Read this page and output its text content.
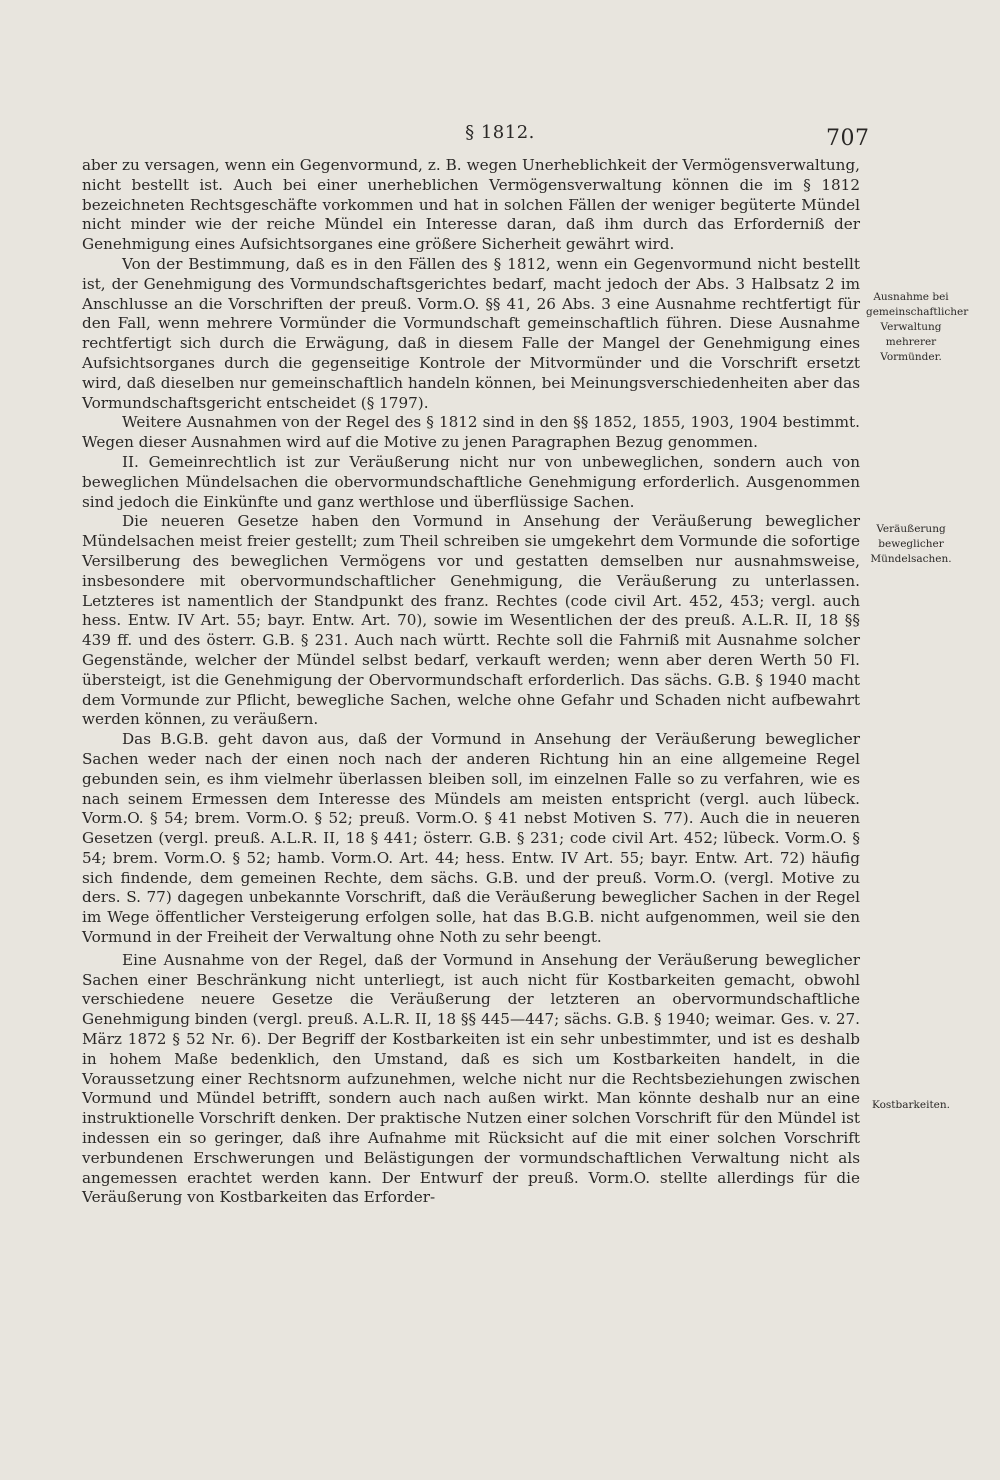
§ 1812.	707

aber zu versagen, wenn ein Gegenvormund, z. B. wegen Unerheblichkeit der Vermögensverwaltung, nicht bestellt ist. Auch bei einer unerheblichen Vermögensverwaltung können die im § 1812 bezeichneten Rechtsgeschäfte vorkommen und hat in solchen Fällen der weniger begüterte Mündel nicht minder wie der reiche Mündel ein Interesse daran, daß ihm durch das Erforderniß der Genehmigung eines Aufsichtsorganes eine größere Sicherheit gewährt wird.

Von der Bestimmung, daß es in den Fällen des § 1812, wenn ein Gegenvormund nicht bestellt ist, der Genehmigung des Vormundschaftsgerichtes bedarf, macht jedoch der Abs. 3 Halbsatz 2 im Anschlusse an die Vorschriften der preuß. Vorm.O. §§ 41, 26 Abs. 3 eine Ausnahme rechtfertigt für den Fall, wenn mehrere Vormünder die Vormundschaft gemeinschaftlich führen. Diese Ausnahme rechtfertigt sich durch die Erwägung, daß in diesem Falle der Mangel der Genehmigung eines Aufsichtsorganes durch die gegenseitige Kontrole der Mitvormünder und die Vorschrift ersetzt wird, daß dieselben nur gemeinschaftlich handeln können, bei Meinungsverschiedenheiten aber das Vormundschaftsgericht entscheidet (§ 1797).

Weitere Ausnahmen von der Regel des § 1812 sind in den §§ 1852, 1855, 1903, 1904 bestimmt. Wegen dieser Ausnahmen wird auf die Motive zu jenen Paragraphen Bezug genommen.

II. Gemeinrechtlich ist zur Veräußerung nicht nur von unbeweglichen, sondern auch von beweglichen Mündelsachen die obervormundschaftliche Genehmigung erforderlich. Ausgenommen sind jedoch die Einkünfte und ganz werthlose und überflüssige Sachen.

Die neueren Gesetze haben den Vormund in Ansehung der Veräußerung beweglicher Mündelsachen meist freier gestellt; zum Theil schreiben sie umgekehrt dem Vormunde die sofortige Versilberung des beweglichen Vermögens vor und gestatten demselben nur ausnahmsweise, insbesondere mit obervormundschaftlicher Genehmigung, die Veräußerung zu unterlassen. Letzteres ist namentlich der Standpunkt des franz. Rechtes (code civil Art. 452, 453; vergl. auch hess. Entw. IV Art. 55; bayr. Entw. Art. 70), sowie im Wesentlichen der des preuß. A.L.R. II, 18 §§ 439 ff. und des österr. G.B. § 231. Auch nach württ. Rechte soll die Fahrniß mit Ausnahme solcher Gegenstände, welcher der Mündel selbst bedarf, verkauft werden; wenn aber deren Werth 50 Fl. übersteigt, ist die Genehmigung der Obervormundschaft erforderlich. Das sächs. G.B. § 1940 macht dem Vormunde zur Pflicht, bewegliche Sachen, welche ohne Gefahr und Schaden nicht aufbewahrt werden können, zu veräußern.

Das B.G.B. geht davon aus, daß der Vormund in Ansehung der Veräußerung beweglicher Sachen weder nach der einen noch nach der anderen Richtung hin an eine allgemeine Regel gebunden sein, es ihm vielmehr überlassen bleiben soll, im einzelnen Falle so zu verfahren, wie es nach seinem Ermessen dem Interesse des Mündels am meisten entspricht (vergl. auch lübeck. Vorm.O. § 54; brem. Vorm.O. § 52; preuß. Vorm.O. § 41 nebst Motiven S. 77). Auch die in neueren Gesetzen (vergl. preuß. A.L.R. II, 18 § 441; österr. G.B. § 231; code civil Art. 452; lübeck. Vorm.O. § 54; brem. Vorm.O. § 52; hamb. Vorm.O. Art. 44; hess. Entw. IV Art. 55; bayr. Entw. Art. 72) häufig sich findende, dem gemeinen Rechte, dem sächs. G.B. und der preuß. Vorm.O. (vergl. Motive zu ders. S. 77) dagegen unbekannte Vorschrift, daß die Veräußerung beweglicher Sachen in der Regel im Wege öffentlicher Versteigerung erfolgen solle, hat das B.G.B. nicht aufgenommen, weil sie den Vormund in der Freiheit der Verwaltung ohne Noth zu sehr beengt.

Eine Ausnahme von der Regel, daß der Vormund in Ansehung der Veräußerung beweglicher Sachen einer Beschränkung nicht unterliegt, ist auch nicht für Kostbarkeiten gemacht, obwohl verschiedene neuere Gesetze die Veräußerung der letzteren an obervormundschaftliche Genehmigung binden (vergl. preuß. A.L.R. II, 18 §§ 445—447; sächs. G.B. § 1940; weimar. Ges. v. 27. März 1872 § 52 Nr. 6). Der Begriff der Kostbarkeiten ist ein sehr unbestimmter, und ist es deshalb in hohem Maße bedenklich, den Umstand, daß es sich um Kostbarkeiten handelt, in die Voraussetzung einer Rechtsnorm aufzunehmen, welche nicht nur die Rechtsbeziehungen zwischen Vormund und Mündel betrifft, sondern auch nach außen wirkt. Man könnte deshalb nur an eine instruktionelle Vorschrift denken. Der praktische Nutzen einer solchen Vorschrift für den Mündel ist indessen ein so geringer, daß ihre Aufnahme mit Rücksicht auf die mit einer solchen Vorschrift verbundenen Erschwerungen und Belästigungen der vormundschaftlichen Verwaltung nicht als angemessen erachtet werden kann. Der Entwurf der preuß. Vorm.O. stellte allerdings für die Veräußerung von Kostbarkeiten das Erforder-

Ausnahme bei gemeinschaftlicher Verwaltung mehrerer Vormünder.
Veräußerung beweglicher Mündelsachen.
Kostbarkeiten.
